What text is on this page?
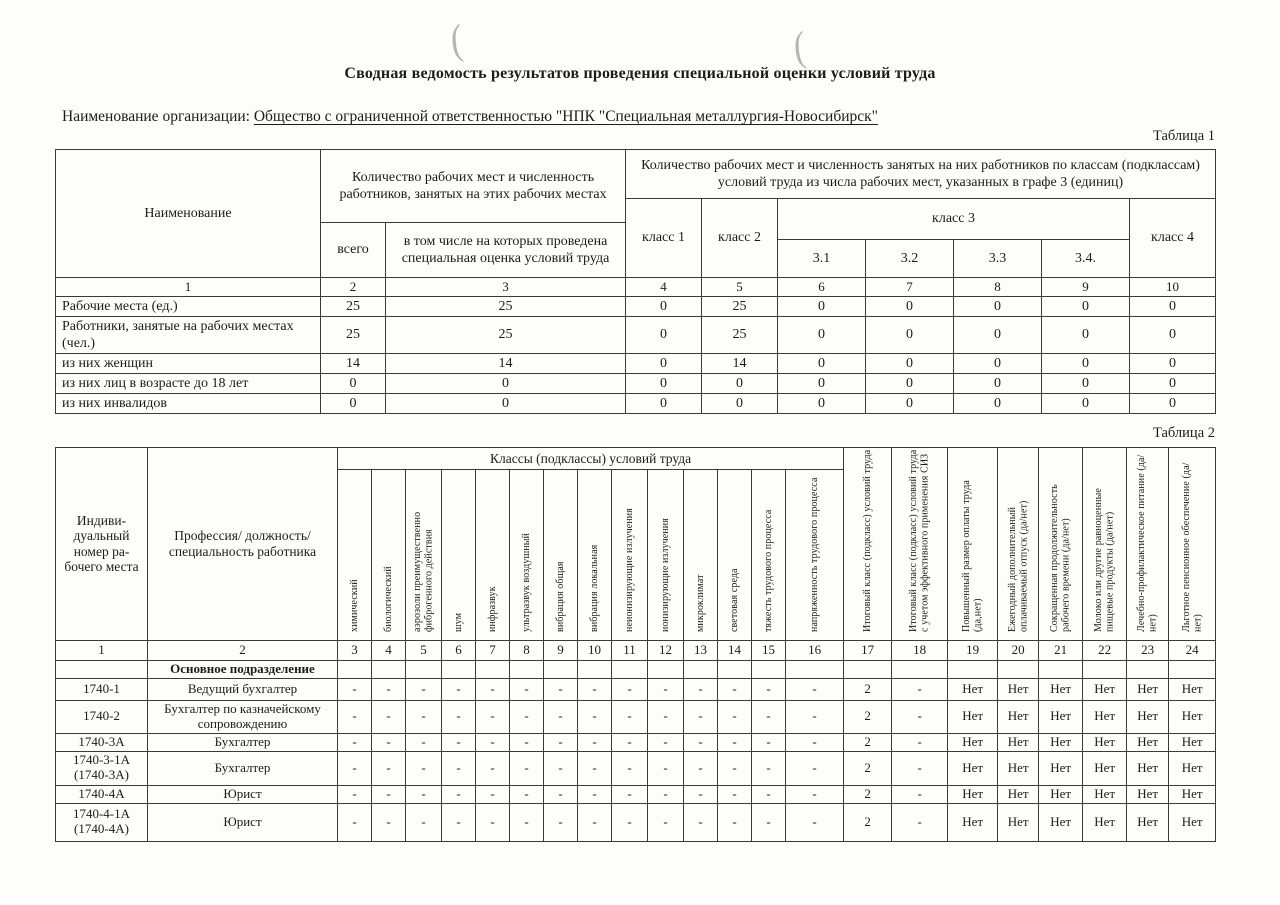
(	(
Сводная ведомость результатов проведения специальной оценки условий труда
Наименование организации: Общество с ограниченной ответственностью "НПК "Специальная металлургия-Новосибирск"
Таблица 1
Наименование	Количество рабочих мест и численность работников, занятых на этих рабочих местах		Количество рабочих мест и численность занятых на них работников по классам (подклассам) условий труда из числа рабочих мест, указанных в графе 3 (единиц)						
			класс 1	класс 2	класс 3				класс 4
	всего	в том числе на которых проведена специальная оценка условий труда							
					3.1	3.2	3.3	3.4.	
1	2	3	4	5	6	7	8	9	10
Рабочие места (ед.)	25	25	0	25	0	0	0	0	0
Работники, занятые на рабочих местах (чел.)	25	25	0	25	0	0	0	0	0
из них женщин	14	14	0	14	0	0	0	0	0
из них лиц в возрасте до 18 лет	0	0	0	0	0	0	0	0	0
из них инвалидов	0	0	0	0	0	0	0	0	0
Таблица 2
Индивидуальный номер рабочего места	Профессия/ должность/ специальность работника	Классы (подклассы) условий труда														Итоговый класс (подкласс) условий труда	Итоговый класс (подкласс) условий труда с учетом эффективного применения СИЗ	Повышенный размер оплаты труда (да,нет)	Ежегодный дополнительный оплачиваемый отпуск (да/нет)	Сокращенная продолжительность рабочего времени (да/нет)	Молоко или другие равноценные пищевые продукты (да/нет)	Лечебно-профилактическое питание (да/нет)	Льготное пенсионное обеспечение (да/нет)
		химический	биологический	аэрозоли преимущественно фиброгенного действия	шум	инфразвук	ультразвук воздушный	вибрация общая	вибрация локальная	неионизирующие излучения	ионизирующие излучения	микроклимат	световая среда	тяжесть трудового процесса	напряженность трудового процесса								
1	2	3	4	5	6	7	8	9	10	11	12	13	14	15	16	17	18	19	20	21	22	23	24
	Основное подразделение																						
1740-1	Ведущий бухгалтер	-	-	-	-	-	-	-	-	-	-	-	-	-	-	2	-	Нет	Нет	Нет	Нет	Нет	Нет
1740-2	Бухгалтер по казначейскому сопровождению	-	-	-	-	-	-	-	-	-	-	-	-	-	-	2	-	Нет	Нет	Нет	Нет	Нет	Нет
1740-3А	Бухгалтер	-	-	-	-	-	-	-	-	-	-	-	-	-	-	2	-	Нет	Нет	Нет	Нет	Нет	Нет
1740-3-1А (1740-3А)	Бухгалтер	-	-	-	-	-	-	-	-	-	-	-	-	-	-	2	-	Нет	Нет	Нет	Нет	Нет	Нет
1740-4А	Юрист	-	-	-	-	-	-	-	-	-	-	-	-	-	-	2	-	Нет	Нет	Нет	Нет	Нет	Нет
1740-4-1А (1740-4А)	Юрист	-	-	-	-	-	-	-	-	-	-	-	-	-	-	2	-	Нет	Нет	Нет	Нет	Нет	Нет
